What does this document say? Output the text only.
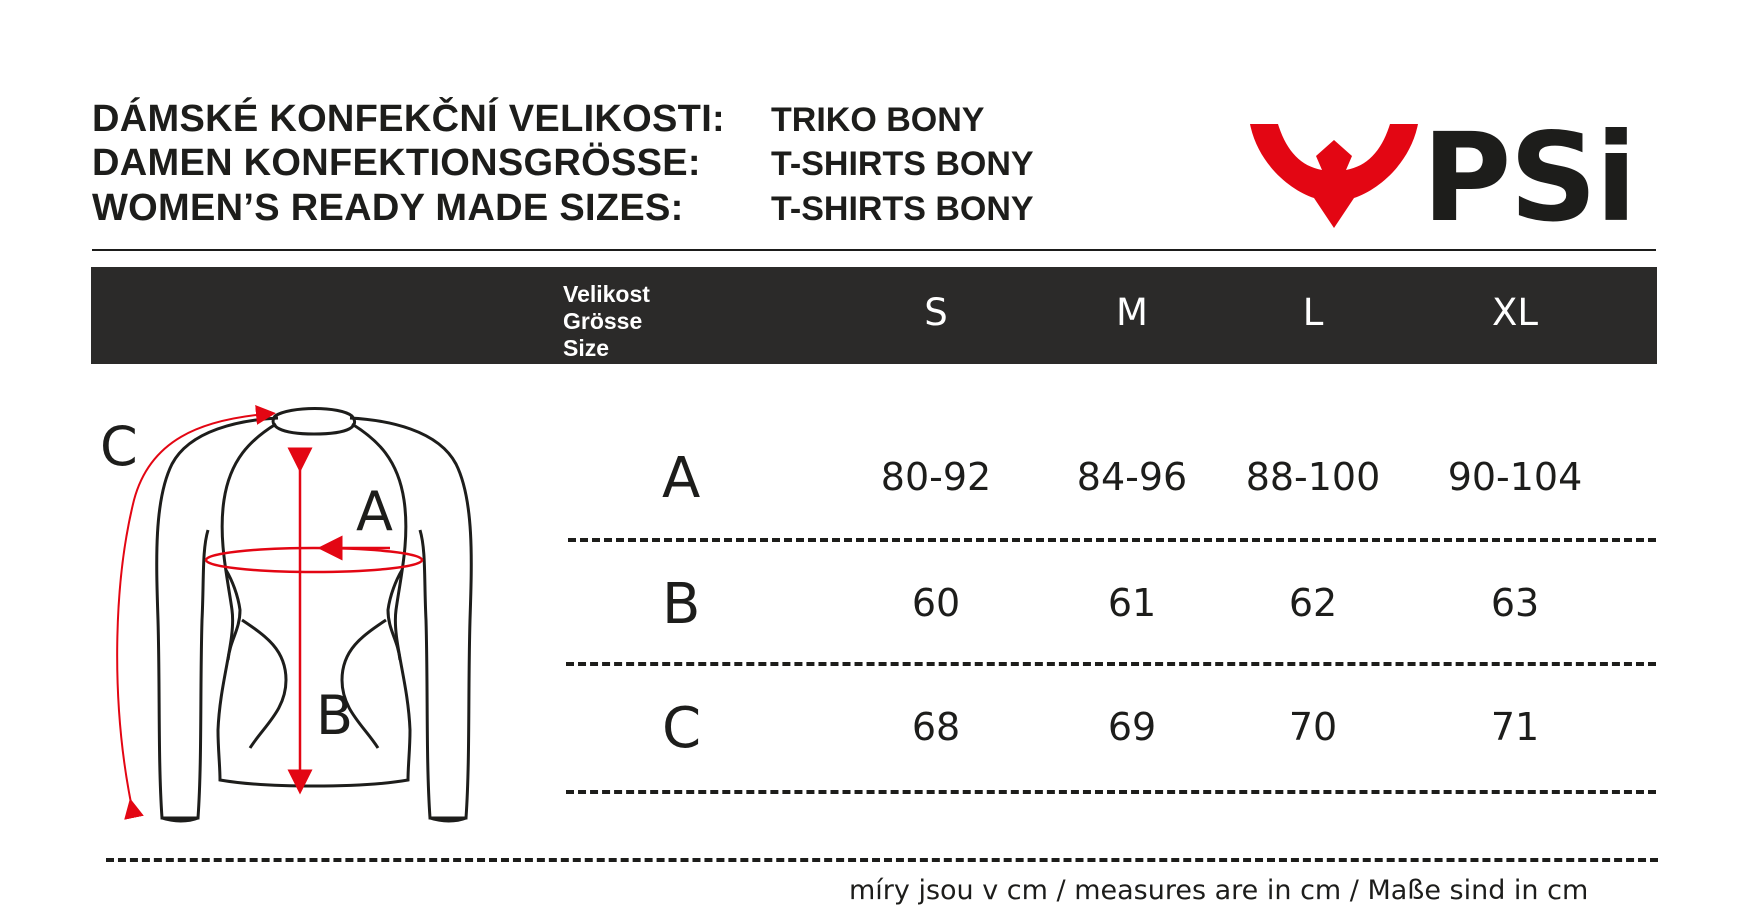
DÁMSKÉ KONFEKČNÍ VELIKOSTI: TRIKO BONY
DAMEN KONFEKTIONSGRÖSSE: T-SHIRTS BONY
WOMEN’S READY MADE SIZES:	T-SHIRTS BONY	PSi
Velikost
Grösse
Size
S	M	L	XL
A	80-92	84-96	88-100	90-104
B	60	61	62	63
C	68	69	70	71
míry jsou v cm / measures are in cm / Maße sind in cm
C
A
B
